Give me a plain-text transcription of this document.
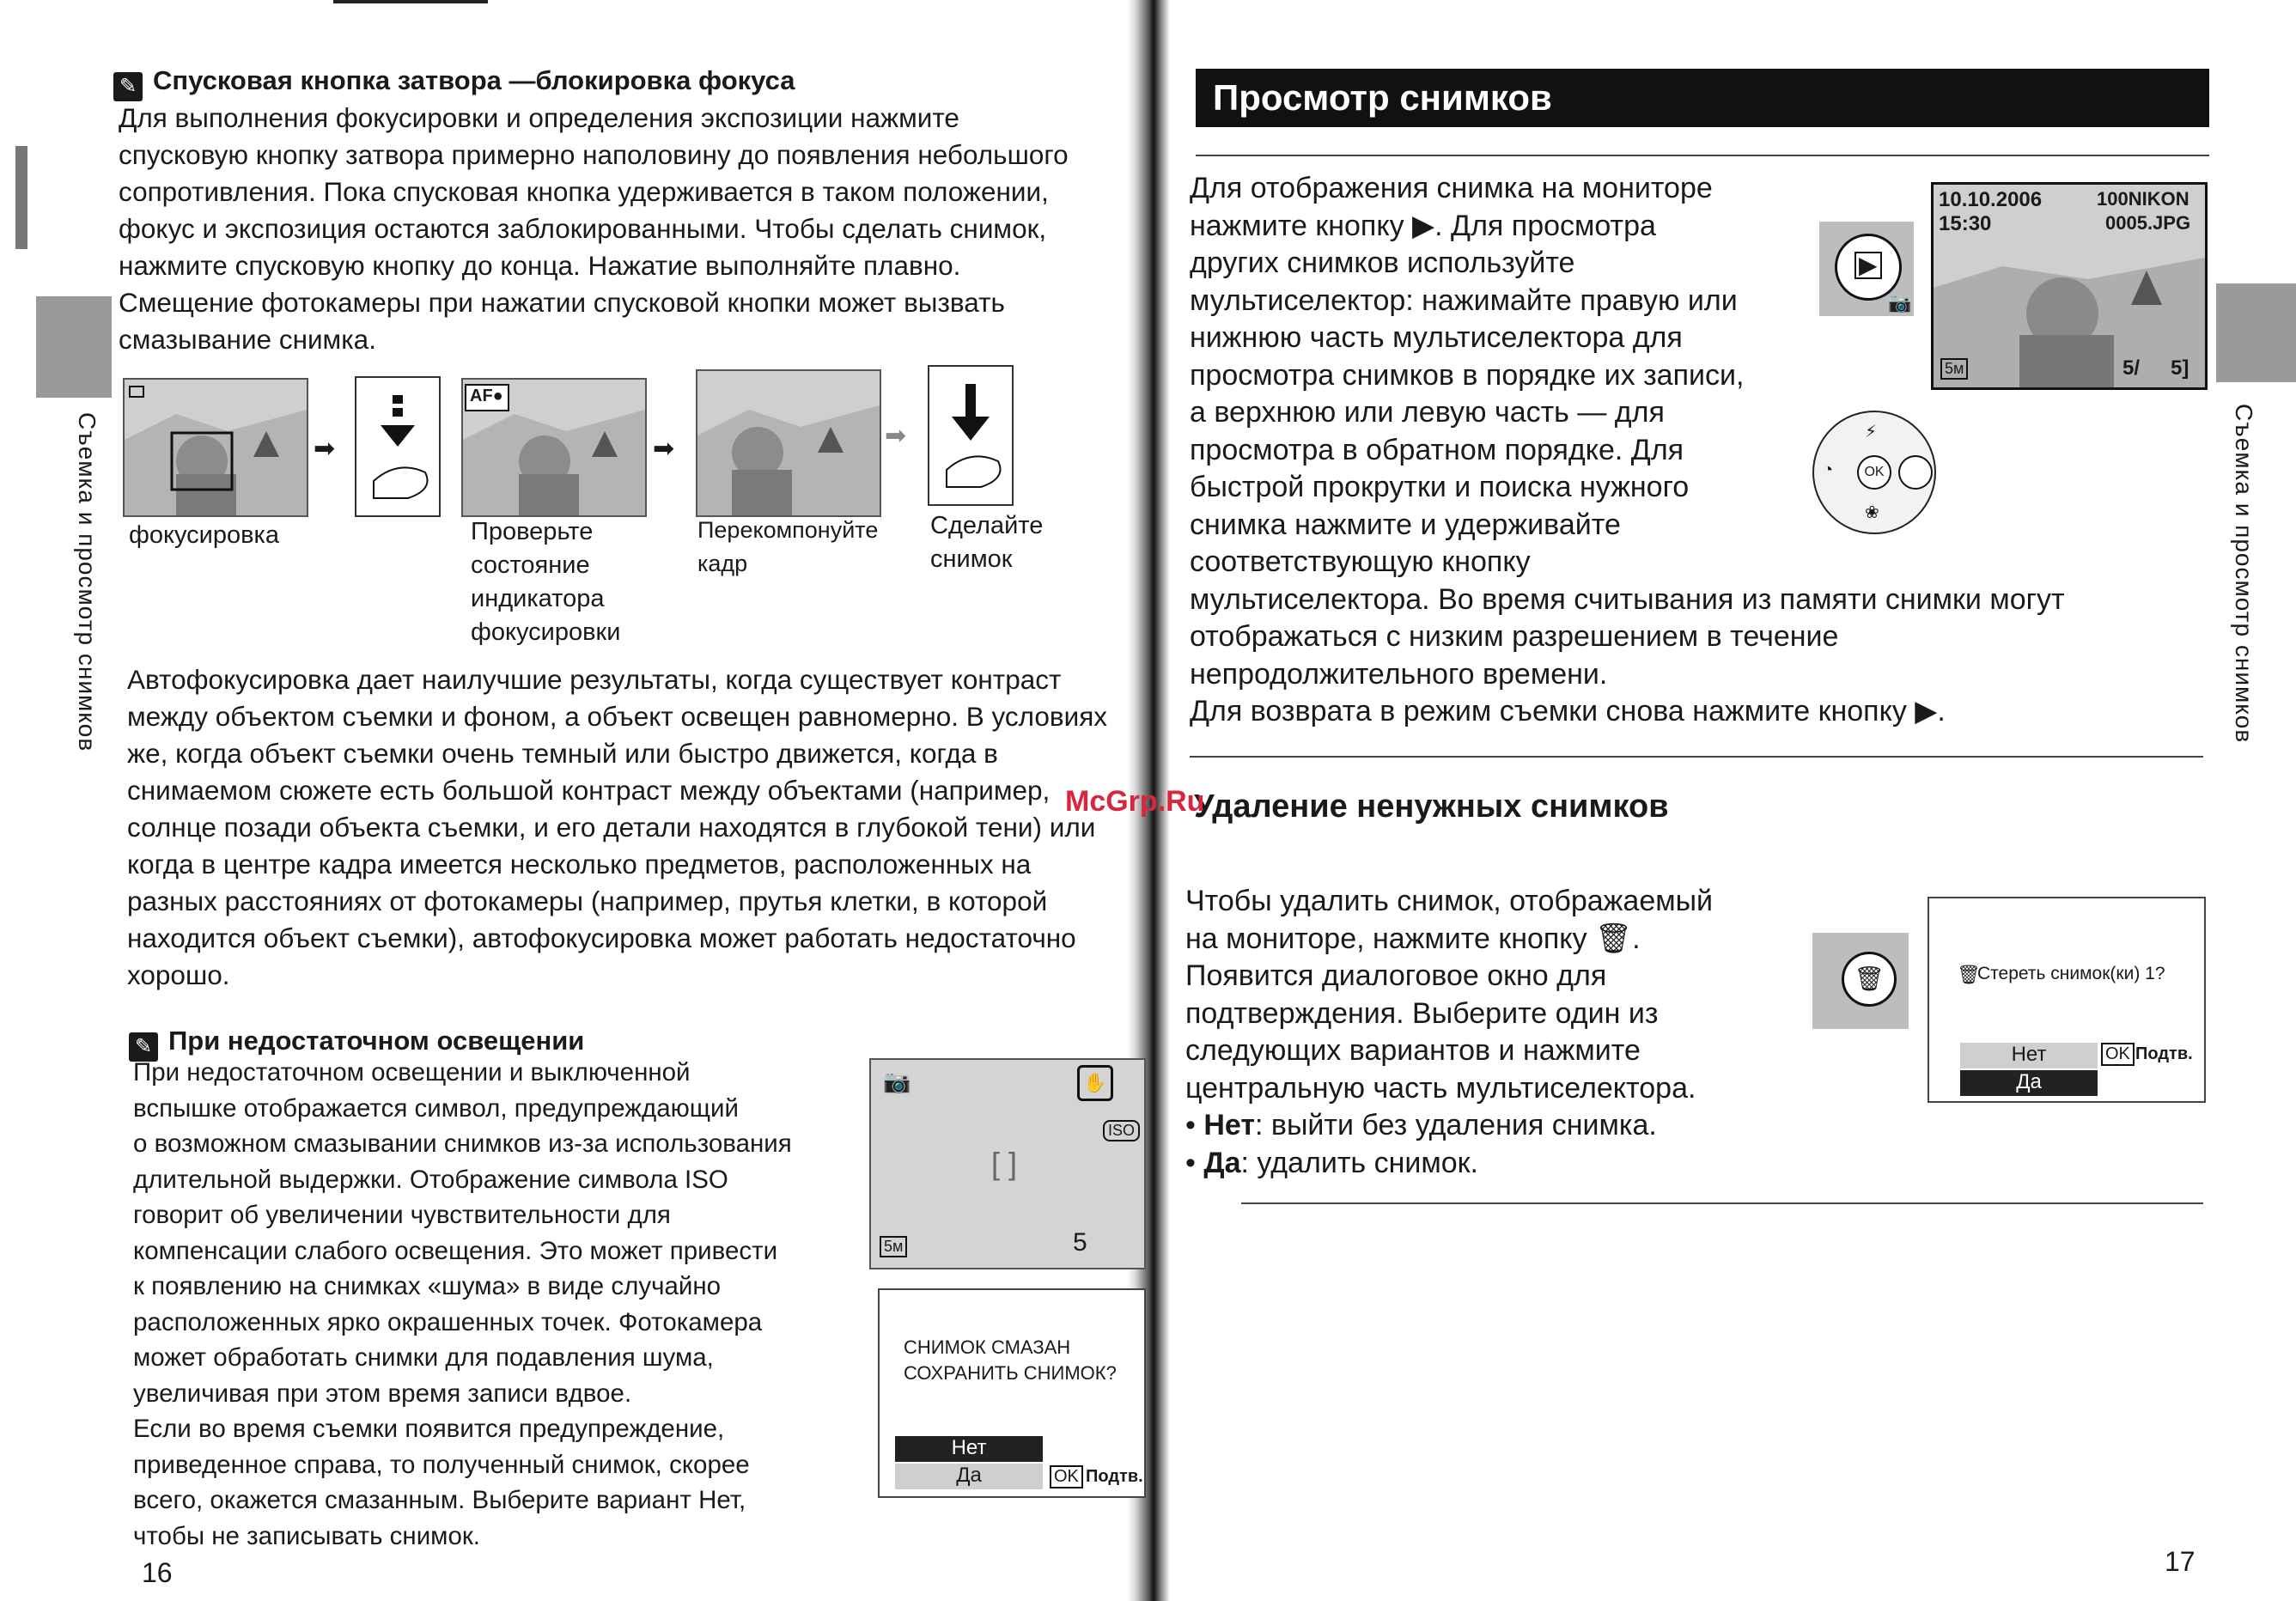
Съемка и просмотр снимков
✎ Спусковая кнопка затвора —блокировка фокуса
Для выполнения фокусировки и определения экспозиции нажмите
спусковую кнопку затвора примерно наполовину до появления небольшого
сопротивления. Пока спусковая кнопка удерживается в таком положении,
фокус и экспозиция остаются заблокированными. Чтобы сделать снимок,
нажмите спусковую кнопку до конца. Нажатие выполняйте плавно.
Смещение фотокамеры при нажатии спусковой кнопки может вызвать
смазывание снимка.
➡
AF●
➡	➡
фокусировка	Проверьте
состояние
индикатора
фокусировки
Перекомпонуйте
кадр
Сделайте
снимок
Автофокусировка дает наилучшие результаты, когда существует контраст
между объектом съемки и фоном, а объект освещен равномерно. В условиях
же, когда объект съемки очень темный или быстро движется, когда в
снимаемом сюжете есть большой контраст между объектами (например,
солнце позади объекта съемки, и его детали находятся в глубокой тени) или
когда в центре кадра имеется несколько предметов, расположенных на
разных расстояниях от фотокамеры (например, прутья клетки, в которой
находится объект съемки), автофокусировка может работать недостаточно
хорошо.
✎ При недостаточном освещении
При недостаточном освещении и выключенной
вспышке отображается символ, предупреждающий
о возможном смазывании снимков из-за использования
длительной выдержки. Отображение символа ISO
говорит об увеличении чувствительности для
компенсации слабого освещения. Это может привести
к появлению на снимках «шума» в виде случайно
расположенных ярко окрашенных точек. Фотокамера
может обработать снимки для подавления шума,
увеличивая при этом время записи вдвое.
Если во время съемки появится предупреждение,
приведенное справа, то полученный снимок, скорее
всего, окажется смазанным. Выберите вариант Нет,
чтобы не записывать снимок.
📷	✋
ISO
[ ]
5м	5
СНИМОК СМАЗАН
СОХРАНИТЬ СНИМОК?
Нет
Да	OK Подтв.
16
Просмотр снимков
Съемка и просмотр снимков
Для отображения снимка на мониторе
нажмите кнопку ▶. Для просмотра
других снимков используйте
мультиселектор: нажимайте правую или
нижнюю часть мультиселектора для
просмотра снимков в порядке их записи,
а верхнюю или левую часть — для
просмотра в обратном порядке. Для
быстрой прокрутки и поиска нужного
снимка нажмите и удерживайте
соответствующую кнопку
мультиселектора. Во время считывания из памяти снимки могут
отображаться с низким разрешением в течение
непродолжительного времени.
Для возврата в режим съемки снова нажмите кнопку ▶.
▶
📷
10.10.2006
15:30
100NIKON
0005.JPG
5м	5/ 5]
OK
⚡
◔
❀
Удаление ненужных снимков
Чтобы удалить снимок, отображаемый
на мониторе, нажмите кнопку 🗑.
Появится диалоговое окно для
подтверждения. Выберите один из
следующих вариантов и нажмите
центральную часть мультиселектора.
• Нет: выйти без удаления снимка.
• Да: удалить снимок.
🗑	🗑
Стереть снимок(ки) 1?
Нет
Да
OK Подтв.
17
McGrp.Ru
